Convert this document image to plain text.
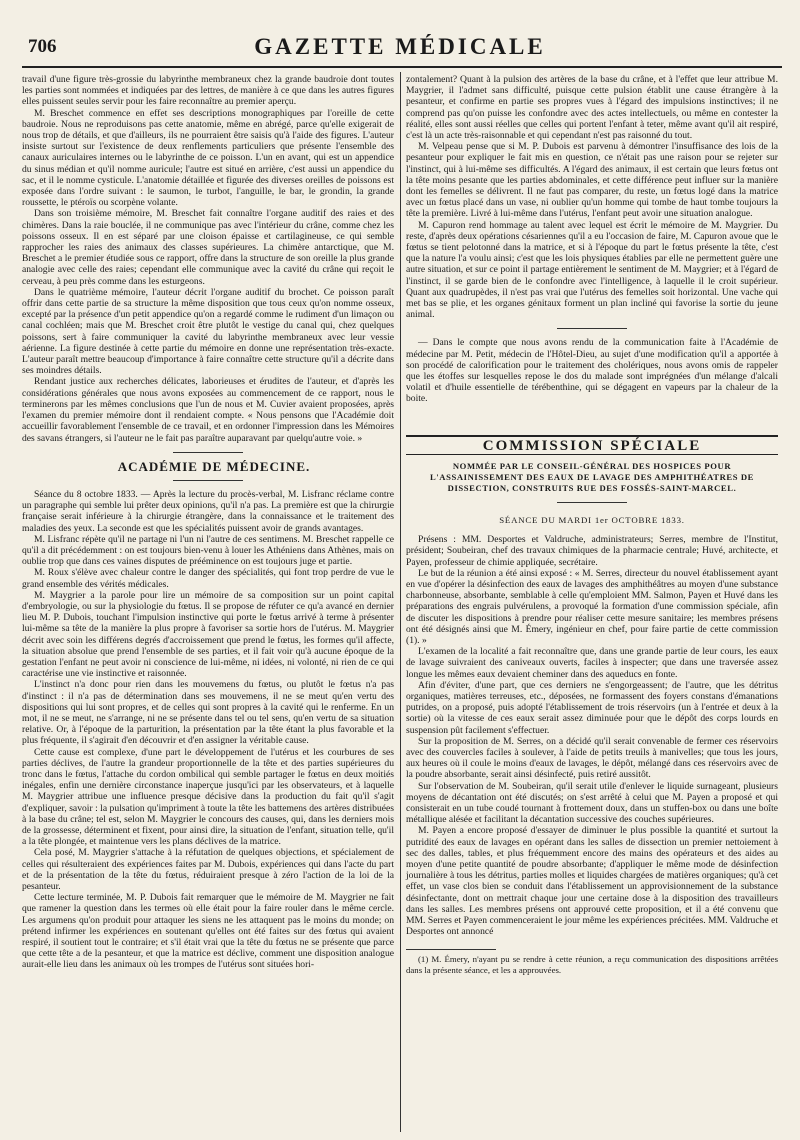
706	GAZETTE MÉDICALE

travail d'une figure très-grossie du labyrinthe membraneux chez la grande baudroie dont toutes les parties sont nommées et indiquées par des lettres, de manière à ce que dans les autres figures elles puissent seules servir pour les faire reconnaître au premier aperçu.

M. Breschet commence en effet ses descriptions monographiques par l'oreille de cette baudroie. Nous ne reproduisons pas cette anatomie, même en abrégé, parce qu'elle exigerait de nous trop de détails, et que d'ailleurs, ils ne pourraient être saisis qu'à l'aide des figures. L'auteur insiste surtout sur l'existence de deux renflements particuliers que présente l'ensemble des canaux auriculaires internes ou le labyrinthe de ce poisson. L'un en avant, qui est un appendice du sinus médian et qu'il nomme auricule; l'autre est situé en arrière, c'est aussi un appendice du sac, et il le nomme cysticule. L'anatomie détaillée et figurée des diverses oreilles de poissons est exposée dans l'ordre suivant : le saumon, le turbot, l'anguille, le bar, le grondin, la grande roussette, le ptéroïs ou scorpène volante.

Dans son troisième mémoire, M. Breschet fait connaître l'organe auditif des raies et des chimères. Dans la raie bouclée, il ne communique pas avec l'intérieur du crâne, comme chez les poissons osseux. Il en est séparé par une cloison épaisse et cartilagineuse, ce qui semble rapprocher les raies des animaux des classes supérieures. La chimère antarctique, que M. Breschet a le premier étudiée sous ce rapport, offre dans la structure de son oreille la plus grande analogie avec celle des raies; cependant elle communique avec la cavité du crâne qui reçoit le cerveau, à peu près comme dans les esturgeons.

Dans le quatrième mémoire, l'auteur décrit l'organe auditif du brochet. Ce poisson paraît offrir dans cette partie de sa structure la même disposition que tous ceux qu'on nomme osseux, excepté par la présence d'un petit appendice qu'on a regardé comme le rudiment d'un limaçon ou canal cochléen; mais que M. Breschet croit être plutôt le vestige du canal qui, chez quelques poissons, sert à faire communiquer la cavité du labyrinthe membraneux avec leur vessie aérienne. La figure destinée à cette partie du mémoire en donne une représentation très-exacte. L'auteur paraît mettre beaucoup d'importance à faire connaître cette structure qu'il a décrite dans ses moindres détails.

Rendant justice aux recherches délicates, laborieuses et érudites de l'auteur, et d'après les considérations générales que nous avons exposées au commencement de ce rapport, nous le terminerons par les mêmes conclusions que l'un de nous et M. Cuvier avaient proposées, après l'examen du premier mémoire dont il rendaient compte. « Nous pensons que l'Académie doit accueillir favorablement l'ensemble de ce travail, et en ordonner l'impression dans les Mémoires des savans étrangers, si l'auteur ne le fait pas paraître auparavant par quelqu'autre voie. »

ACADÉMIE DE MÉDECINE.

Séance du 8 octobre 1833. — Après la lecture du procès-verbal, M. Lisfranc réclame contre un paragraphe qui semble lui prêter deux opinions, qu'il n'a pas. La première est que la chirurgie française serait inférieure à la chirurgie étrangère, dans la connaissance et le traitement des maladies des yeux. La seconde est que les spécialités puissent avoir de grands avantages.

M. Lisfranc répète qu'il ne partage ni l'un ni l'autre de ces sentimens. M. Breschet rappelle ce qu'il a dit précédemment : on est toujours bien-venu à louer les Athéniens dans Athènes, mais on oublie trop que dans ces vaines disputes de prééminence on est toujours juge et partie.

M. Roux s'élève avec chaleur contre le danger des spécialités, qui font trop perdre de vue le grand ensemble des vérités médicales.

M. Maygrier a la parole pour lire un mémoire de sa composition sur un point capital d'embryologie, ou sur la physiologie du fœtus. Il se propose de réfuter ce qu'a avancé en dernier lieu M. P. Dubois, touchant l'impulsion instinctive qui porte le fœtus arrivé à terme à présenter lui-même sa tête de la manière la plus propre à favoriser sa sortie hors de l'utérus. M. Maygrier décrit avec soin les différens degrés d'accroissement que prend le fœtus, les formes qu'il affecte, la situation absolue que prend l'ensemble de ses parties, et il fait voir qu'à aucune époque de la gestation l'enfant ne peut avoir ni conscience de lui-même, ni idées, ni volonté, ni rien de ce qui caractérise une vie instinctive et raisonnée.

L'instinct n'a donc pour rien dans les mouvemens du fœtus, ou plutôt le fœtus n'a pas d'instinct : il n'a pas de détermination dans ses mouvemens, il ne se meut qu'en vertu des dispositions qui lui sont propres, et de celles qui sont propres à la cavité qui le renferme. En un mot, il ne se meut, ne s'arrange, ni ne se présente dans tel ou tel sens, qu'en vertu de sa situation relative. Or, à l'époque de la parturition, la présentation par la tête étant la plus favorable et la plus fréquente, il s'agirait d'en découvrir et d'en assigner la véritable cause.

Cette cause est complexe, d'une part le développement de l'utérus et les courbures de ses parties déclives, de l'autre la grandeur proportionnelle de la tête et des parties supérieures du tronc dans le fœtus, l'attache du cordon ombilical qui semble partager le fœtus en deux moitiés inégales, enfin une dernière circonstance inaperçue jusqu'ici par les observateurs, et à laquelle M. Maygrier attribue une influence presque décisive dans la production du fait qu'il s'agit d'expliquer, savoir : la pulsation qu'impriment à toute la tête les battemens des artères distribuées à la base du crâne; tel est, selon M. Maygrier le concours des causes, qui, dans les derniers mois de la grossesse, déterminent et fixent, pour ainsi dire, la situation de l'enfant, situation telle, qu'il a la tête plongée, et maintenue vers les plans déclives de la matrice.

Cela posé, M. Maygrier s'attache à la réfutation de quelques objections, et spécialement de celles qui résulteraient des expériences faites par M. Dubois, expériences qui dans l'acte du part et de la présentation de la tête du fœtus, réduiraient presque à zéro l'action de la loi de la pesanteur.

Cette lecture terminée, M. P. Dubois fait remarquer que le mémoire de M. Maygrier ne fait que ramener la question dans les termes où elle était pour la faire rouler dans le même cercle. Les argumens qu'on produit pour attaquer les siens ne les attaquent pas le moins du monde; on prétend infirmer les expériences en soutenant qu'elles ont été faites sur des fœtus qui avaient respiré, il soutient tout le contraire; et s'il était vrai que la tête du fœtus ne se présente que parce que cette tête a de la pesanteur, et que la matrice est déclive, comment une disposition analogue aurait-elle lieu dans les animaux où les trompes de l'utérus sont situées hori-

zontalement? Quant à la pulsion des artères de la base du crâne, et à l'effet que leur attribue M. Maygrier, il l'admet sans difficulté, puisque cette pulsion établit une cause étrangère à la pesanteur, et confirme en partie ses propres vues à l'égard des impulsions instinctives; il ne comprend pas qu'on puisse les confondre avec des actes intellectuels, ou même en contester la réalité, elles sont aussi réelles que celles qui portent l'enfant à teter, même avant qu'il ait respiré, c'est là un acte très-raisonnable et qui cependant n'est pas raisonné du tout.

M. Velpeau pense que si M. P. Dubois est parvenu à démontrer l'insuffisance des lois de la pesanteur pour expliquer le fait mis en question, ce n'était pas une raison pour se rejeter sur l'instinct, qui à lui-même ses difficultés. A l'égard des animaux, il est certain que leurs fœtus ont la tête moins pesante que les parties abdominales, et cette différence peut influer sur la manière dont les femelles se délivrent. Il ne faut pas comparer, du reste, un fœtus logé dans la matrice avec un fœtus placé dans un vase, ni oublier qu'un homme qui tombe de haut tombe toujours la tête la première. Livré à lui-même dans l'utérus, l'enfant peut avoir une situation analogue.

M. Capuron rend hommage au talent avec lequel est écrit le mémoire de M. Maygrier. Du reste, d'après deux opérations césariennes qu'il a eu l'occasion de faire, M. Capuron avoue que le fœtus se tient pelotonné dans la matrice, et si à l'époque du part le fœtus présente la tête, c'est que la nature l'a voulu ainsi; c'est que les lois physiques établies par elle ne permettent guère une autre situation, et sur ce point il partage entièrement le sentiment de M. Maygrier; et à l'égard de l'instinct, il se garde bien de le confondre avec l'intelligence, à laquelle il le croit supérieur. Quant aux quadrupèdes, il n'est pas vrai que l'utérus des femelles soit horizontal. Une vache qui met bas se plie, et les organes génitaux forment un plan incliné qui favorise la sortie du jeune animal.

— Dans le compte que nous avons rendu de la communication faite à l'Académie de médecine par M. Petit, médecin de l'Hôtel-Dieu, au sujet d'une modification qu'il a apportée à son procédé de calorification pour le traitement des cholériques, nous avons omis de rappeler que les étoffes sur lesquelles repose le dos du malade sont imprégnées d'un mélange d'alcali volatil et d'huile essentielle de térébenthine, qui se dégagent en vapeurs par la chaleur de la boite.

COMMISSION SPÉCIALE
NOMMÉE PAR LE CONSEIL-GÉNÉRAL DES HOSPICES POUR L'ASSAINISSEMENT DES EAUX DE LAVAGE DES AMPHITHÉATRES DE DISSECTION, CONSTRUITS RUE DES FOSSÉS-SAINT-MARCEL.
SÉANCE DU MARDI 1er OCTOBRE 1833.

Présens : MM. Desportes et Valdruche, administrateurs; Serres, membre de l'Institut, président; Soubeiran, chef des travaux chimiques de la pharmacie centrale; Huvé, architecte, et Payen, professeur de chimie appliquée, secrétaire.

Le but de la réunion a été ainsi exposé : « M. Serres, directeur du nouvel établissement ayant en vue d'opérer la désinfection des eaux de lavages des amphithéâtres au moyen d'une substance charbonneuse, absorbante, semblable à celle qu'emploient MM. Salmon, Payen et Huvé dans les préparations des engrais pulvérulens, a provoqué la formation d'une commission spéciale, afin de discuter les dispositions à prendre pour réaliser cette mesure sanitaire; les membres présens ont été désignés ainsi que M. Émery, ingénieur en chef, pour faire partie de cette commission (1). »

L'examen de la localité a fait reconnaître que, dans une grande partie de leur cours, les eaux de lavage suivraient des caniveaux ouverts, faciles à inspecter; que dans une traversée assez longue les mêmes eaux devaient cheminer dans des aqueducs en fonte.

Afin d'éviter, d'une part, que ces derniers ne s'engorgeassent; de l'autre, que les détritus organiques, matières terreuses, etc., déposées, ne formassent des foyers constans d'émanations putrides, on a proposé, puis adopté l'établissement de trois réservoirs (un à l'entrée et deux à la sortie) où la vitesse de ces eaux serait assez diminuée pour que le dépôt des corps lourds en suspension pût facilement s'effectuer.

Sur la proposition de M. Serres, on a décidé qu'il serait convenable de fermer ces réservoirs avec des couvercles faciles à soulever, à l'aide de petits treuils à manivelles; que tous les jours, aux heures où il coule le moins d'eaux de lavages, le dépôt, mélangé dans ces réservoirs avec de la poudre absorbante, serait ainsi désinfecté, puis retiré aussitôt.

Sur l'observation de M. Soubeiran, qu'il serait utile d'enlever le liquide surnageant, plusieurs moyens de décantation ont été discutés; on s'est arrêté à celui que M. Payen a proposé et qui consisterait en un tube coudé tournant à frottement doux, dans un stuffen-box ou dans une boîte métallique alésée et facilitant la décantation successive des couches supérieures.

M. Payen a encore proposé d'essayer de diminuer le plus possible la quantité et surtout la putridité des eaux de lavages en opérant dans les salles de dissection un premier nettoiement à sec des dalles, tables, et plus fréquemment encore des mains des opérateurs et des aides au moyen d'une petite quantité de poudre absorbante; d'appliquer le même mode de désinfection journalière à tous les détritus, parties molles et liquides chargées de matières organiques; qu'à cet effet, un vase clos bien se conduit dans l'établissement un approvisionnement de la substance désinfectante, dont on mettrait chaque jour une certaine dose à la disposition des travailleurs dans les salles. Les membres présens ont approuvé cette proposition, et il a été convenu que MM. Serres et Payen commenceraient le jour même les expériences précitées. MM. Valdruche et Desportes ont annoncé

(1) M. Émery, n'ayant pu se rendre à cette réunion, a reçu communication des dispositions arrêtées dans la présente séance, et les a approuvées.
